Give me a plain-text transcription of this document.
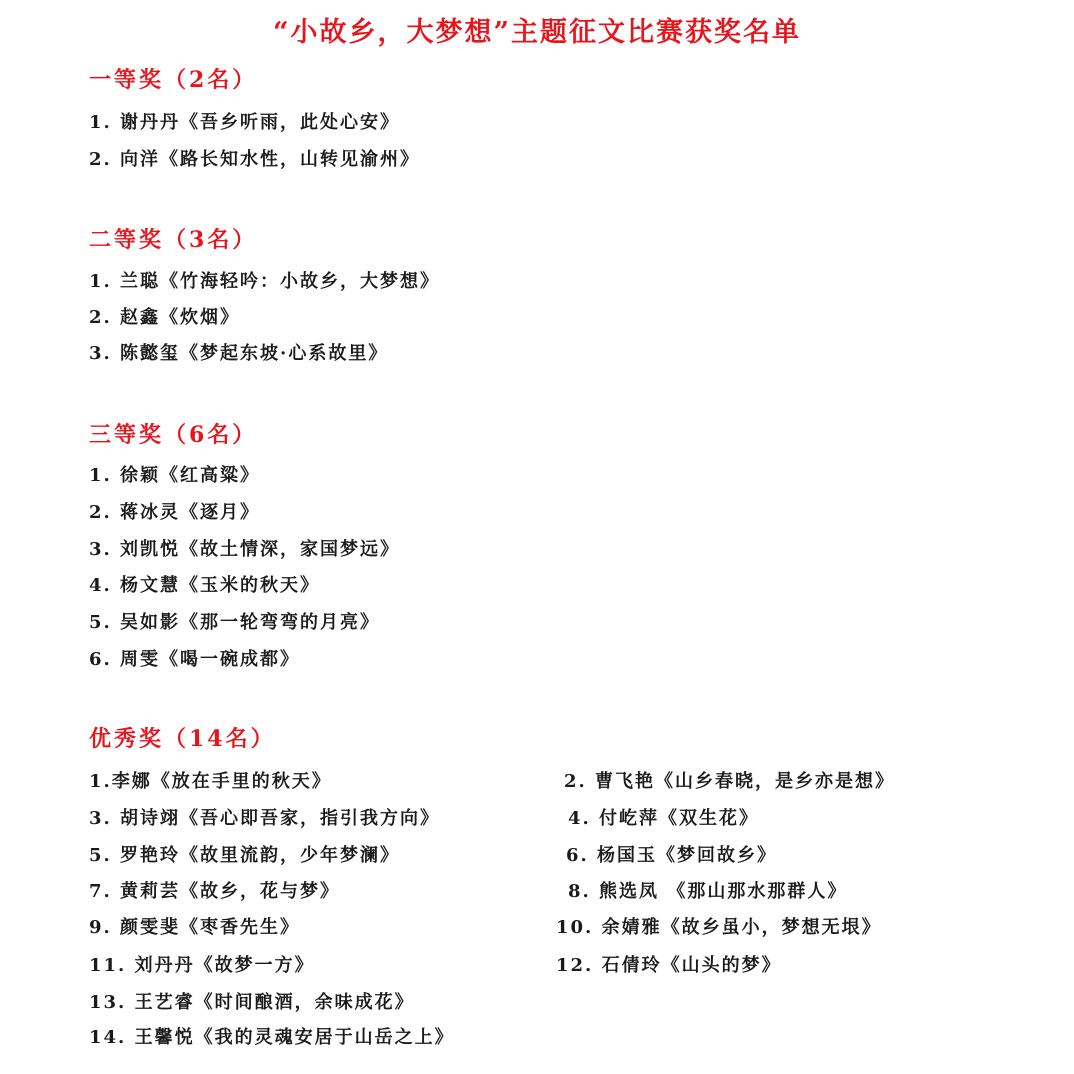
“小故乡，大梦想”主题征文比赛获奖名单
一等奖（2名）
1. 谢丹丹《吾乡听雨，此处心安》
2. 向洋《路长知水性，山转见渝州》
二等奖（3名）
1. 兰聪《竹海轻吟：小故乡，大梦想》
2. 赵鑫《炊烟》
3. 陈懿玺《梦起东坡·心系故里》
三等奖（6名）
1. 徐颖《红高粱》
2. 蒋冰灵《逐月》
3. 刘凯悦《故土情深，家国梦远》
4. 杨文慧《玉米的秋天》
5. 吴如影《那一轮弯弯的月亮》
6. 周雯《喝一碗成都》
优秀奖（14名）
1.李娜《放在手里的秋天》
3. 胡诗翊《吾心即吾家，指引我方向》
5. 罗艳玲《故里流韵，少年梦澜》
7. 黄莉芸《故乡，花与梦》
9. 颜雯斐《枣香先生》
11. 刘丹丹《故梦一方》
13. 王艺睿《时间酿酒，余味成花》
14. 王馨悦《我的灵魂安居于山岳之上》
2. 曹飞艳《山乡春晓，是乡亦是想》
4. 付屹萍《双生花》
6. 杨国玉《梦回故乡》
8. 熊选凤 《那山那水那群人》
10. 余婧雅《故乡虽小，梦想无垠》
12. 石倩玲《山头的梦》
